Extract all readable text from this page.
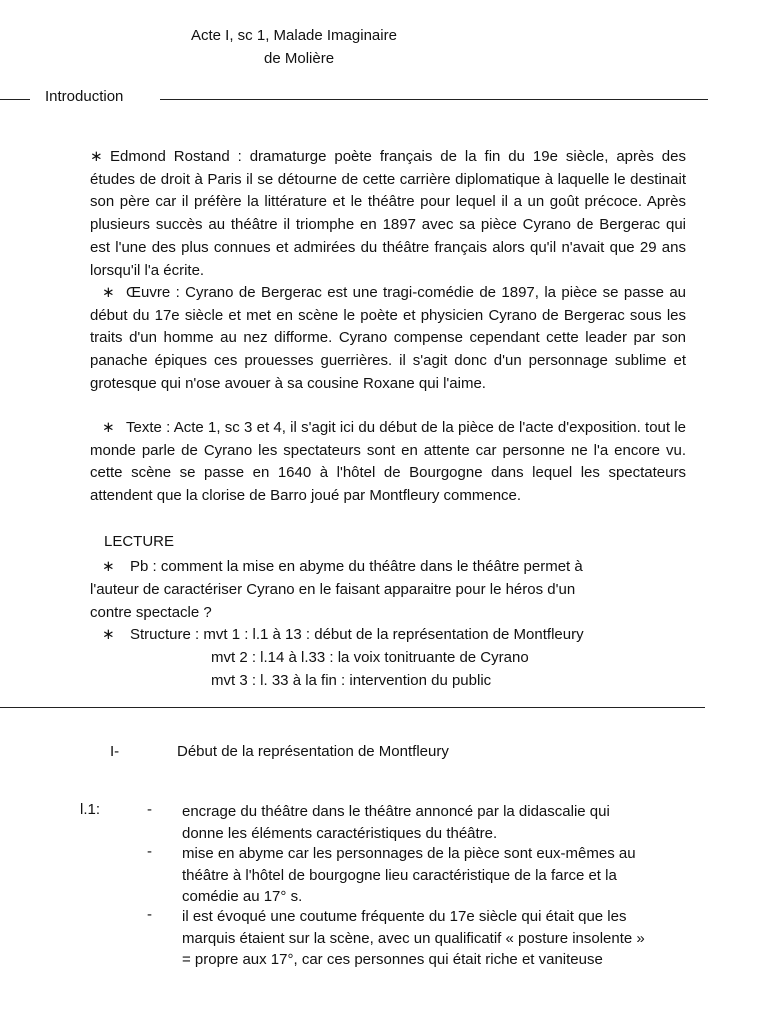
Acte I, sc 1, Malade Imaginaire
de Molière
Introduction
∗ Edmond Rostand : dramaturge poète français de la fin du 19e siècle, après des études de droit à Paris il se détourne de cette carrière diplomatique à laquelle le destinait son père car il préfère la littérature et le théâtre pour lequel il a un goût précoce. Après plusieurs succès au théâtre il triomphe en 1897 avec sa pièce Cyrano de Bergerac qui est l'une des plus connues et admirées du théâtre français alors qu'il n'avait que 29 ans lorsqu'il l'a écrite.
∗ Œuvre : Cyrano de Bergerac est une tragi-comédie de 1897, la pièce se passe au début du 17e siècle et met en scène le poète et physicien Cyrano de Bergerac sous les traits d'un homme au nez difforme. Cyrano compense cependant cette leader par son panache épiques ces prouesses guerrières. il s'agit donc d'un personnage sublime et grotesque qui n'ose avouer à sa cousine Roxane qui l'aime.
∗ Texte : Acte 1, sc 3 et 4, il s'agit ici du début de la pièce de l'acte d'exposition. tout le monde parle de Cyrano les spectateurs sont en attente car personne ne l'a encore vu. cette scène se passe en 1640 à l'hôtel de Bourgogne dans lequel les spectateurs attendent que la clorise de Barro joué par Montfleury commence.
LECTURE
∗ Pb : comment la mise en abyme du théâtre dans le théâtre permet à
l'auteur de caractériser Cyrano en le faisant apparaitre pour le héros d'un
contre spectacle ?
∗ Structure : mvt 1 : l.1 à 13 : début de la représentation de Montfleury
mvt 2 : l.14 à l.33 : la voix tonitruante de Cyrano
mvt 3 : l. 33 à la fin : intervention du public
I-	Début de la représentation de Montfleury
l.1:	- encrage du théâtre dans le théâtre annoncé par la didascalie qui
donne les éléments caractéristiques du théâtre.
- mise en abyme car les personnages de la pièce sont eux-mêmes au
théâtre à l'hôtel de bourgogne lieu caractéristique de la farce et la
comédie au 17° s.
- il est évoqué une coutume fréquente du 17e siècle qui était que les
marquis étaient sur la scène, avec un qualificatif « posture insolente »
= propre aux 17°, car ces personnes qui était riche et vaniteuse
